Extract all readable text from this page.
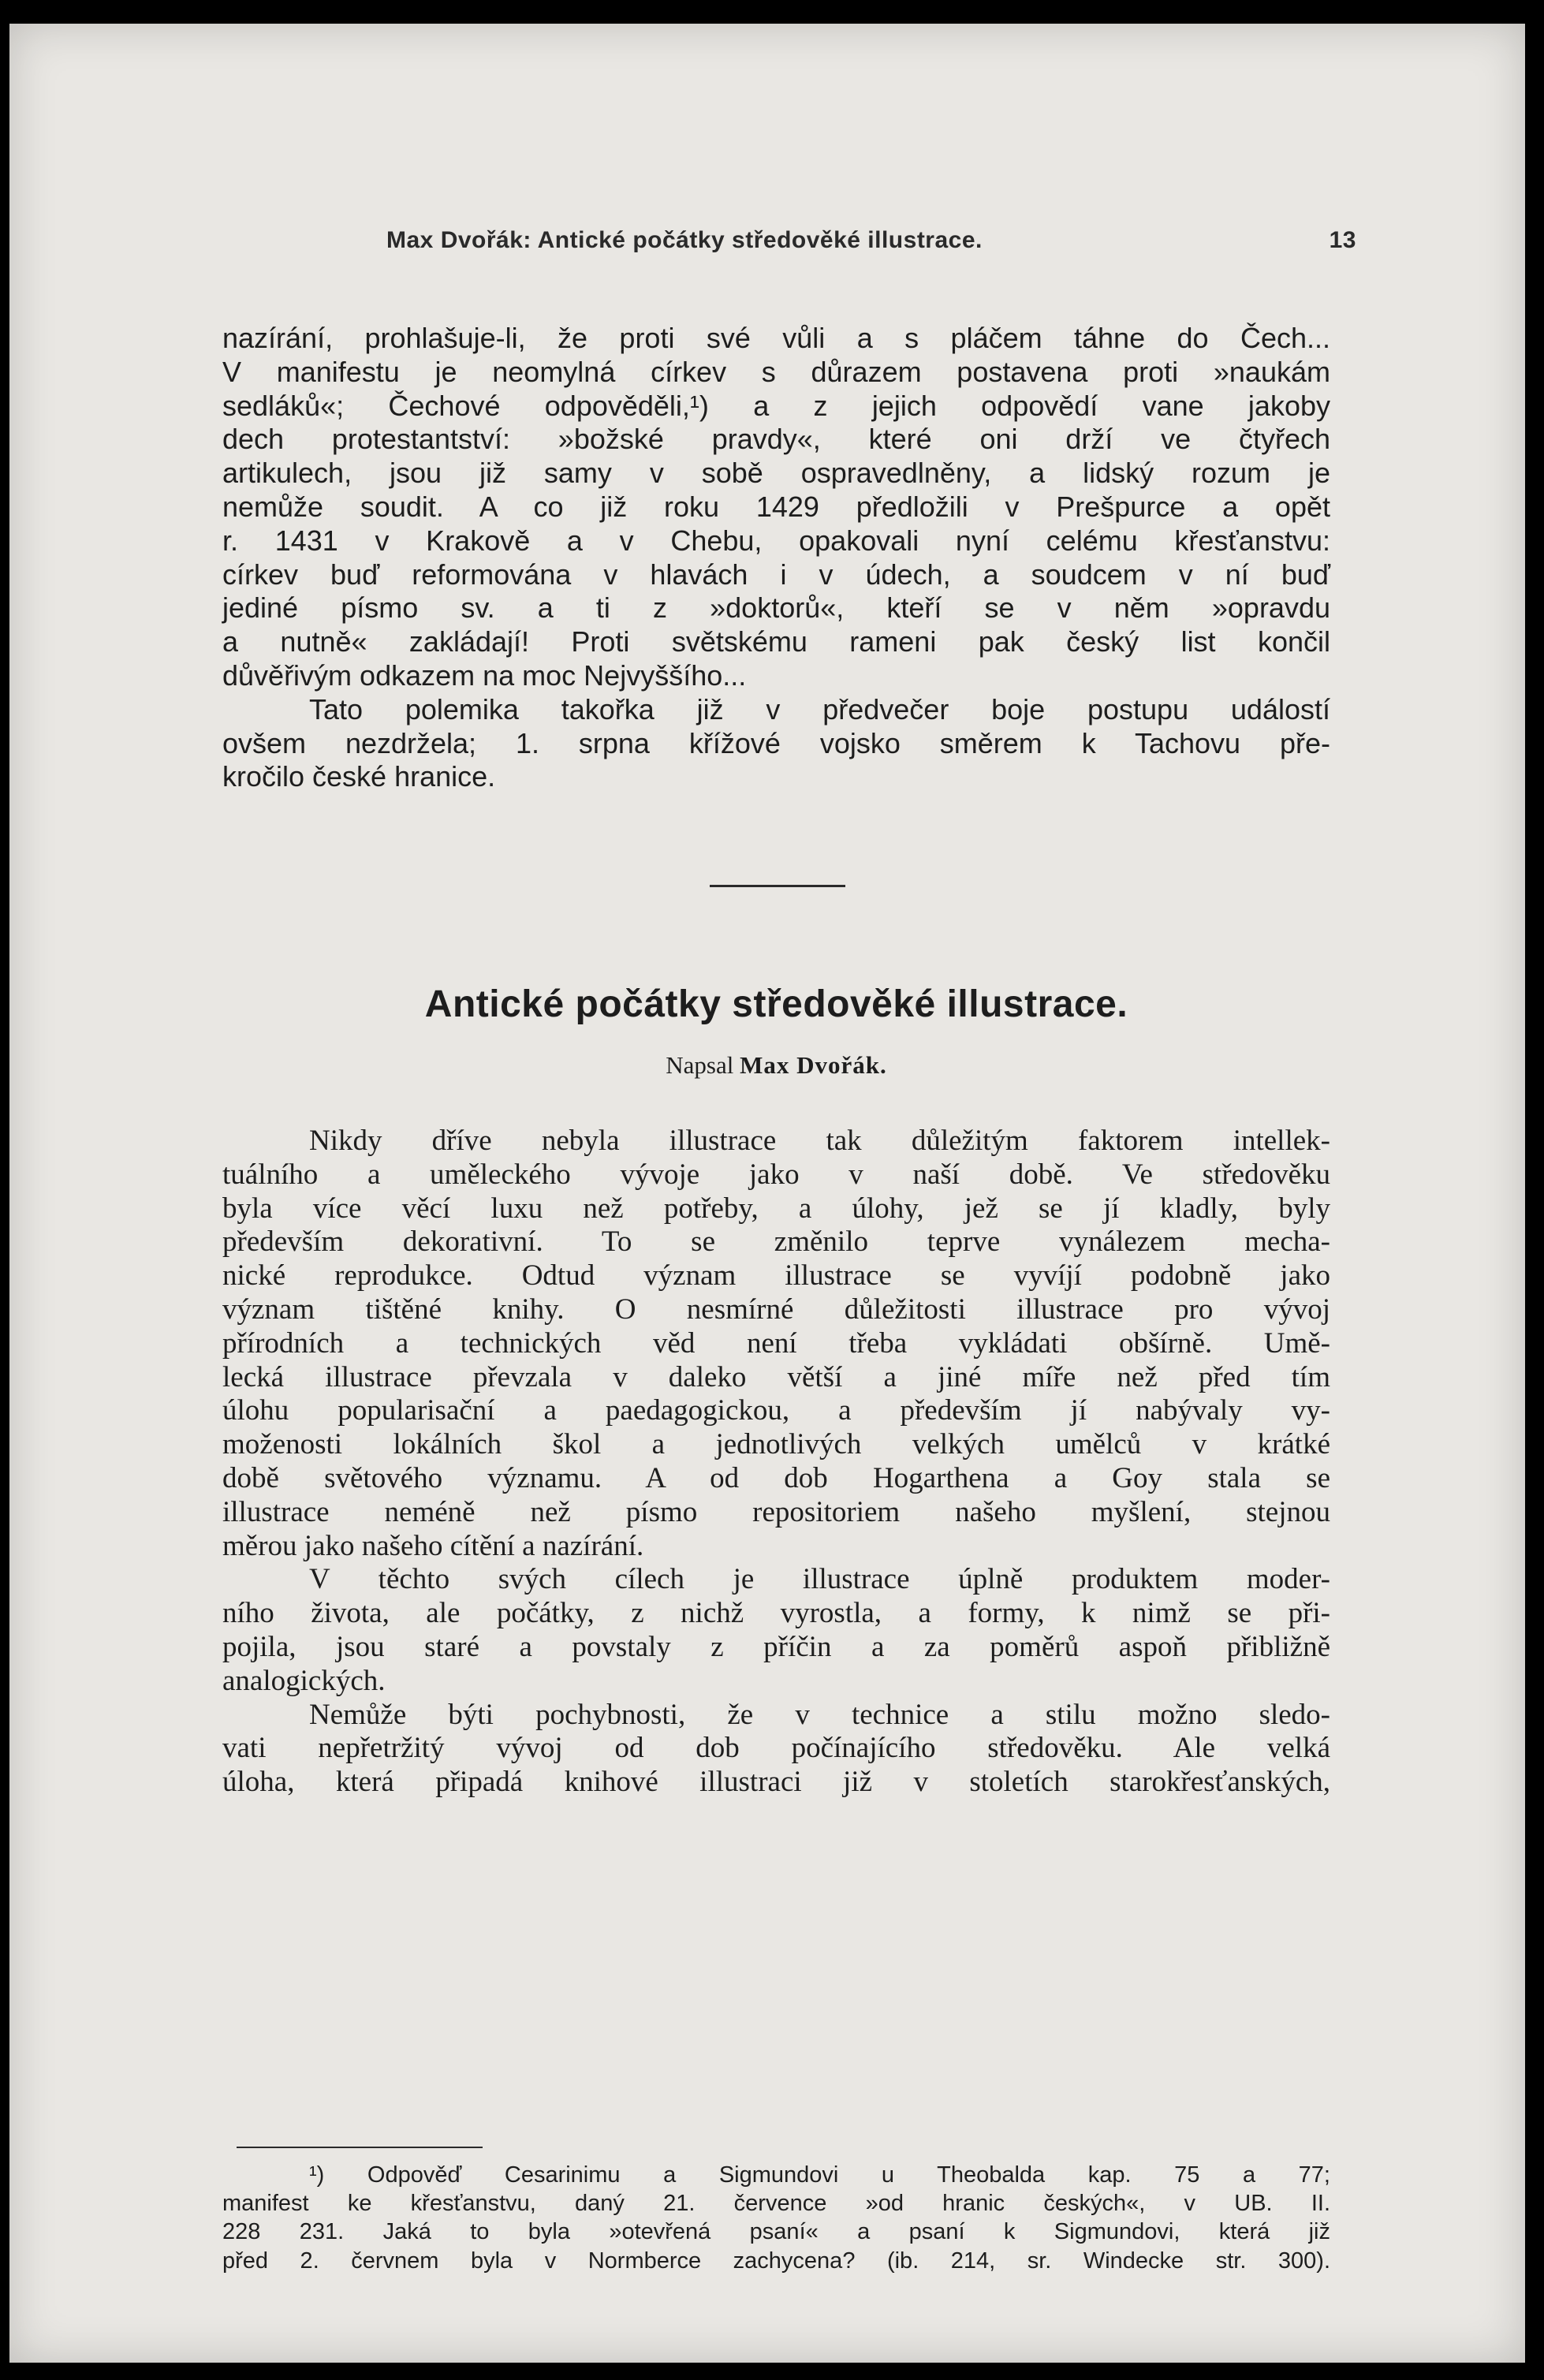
Max Dvořák: Antické počátky středověké illustrace.	13
nazírání, prohlašuje-li, že proti své vůli a s pláčem táhne do Čech...
V manifestu je neomylná církev s důrazem postavena proti »naukám
sedláků«; Čechové odpověděli,¹) a z jejich odpovědí vane jakoby
dech protestantství: »božské pravdy«, které oni drží ve čtyřech
artikulech, jsou již samy v sobě ospravedlněny, a lidský rozum je
nemůže soudit. A co již roku 1429 předložili v Prešpurce a opět
r. 1431 v Krakově a v Chebu, opakovali nyní celému křesťanstvu:
církev buď reformována v hlavách i v údech, a soudcem v ní buď
jediné písmo sv. a ti z »doktorů«, kteří se v něm »opravdu
a nutně« zakládají! Proti světskému rameni pak český list končil
důvěřivým odkazem na moc Nejvyššího...
Tato polemika takořka již v předvečer boje postupu událostí
ovšem nezdržela; 1. srpna křížové vojsko směrem k Tachovu pře-
kročilo české hranice.
Antické počátky středověké illustrace.
Napsal Max Dvořák.
Nikdy dříve nebyla illustrace tak důležitým faktorem intellek-
tuálního a uměleckého vývoje jako v naší době. Ve středověku
byla více věcí luxu než potřeby, a úlohy, jež se jí kladly, byly
především dekorativní. To se změnilo teprve vynálezem mecha-
nické reprodukce. Odtud význam illustrace se vyvíjí podobně jako
význam tištěné knihy. O nesmírné důležitosti illustrace pro vývoj
přírodních a technických věd není třeba vykládati obšírně. Umě-
lecká illustrace převzala v daleko větší a jiné míře než před tím
úlohu popularisační a paedagogickou, a především jí nabývaly vy-
moženosti lokálních škol a jednotlivých velkých umělců v krátké
době světového významu. A od dob Hogarthena a Goy stala se
illustrace neméně než písmo repositoriem našeho myšlení, stejnou
měrou jako našeho cítění a nazírání.
V těchto svých cílech je illustrace úplně produktem moder-
ního života, ale počátky, z nichž vyrostla, a formy, k nimž se při-
pojila, jsou staré a povstaly z příčin a za poměrů aspoň přibližně
analogických.
Nemůže býti pochybnosti, že v technice a stilu možno sledo-
vati nepřetržitý vývoj od dob počínajícího středověku. Ale velká
úloha, která připadá knihové illustraci již v stoletích starokřesťanských,
¹) Odpověď Cesarinimu a Sigmundovi u Theobalda kap. 75 a 77;
manifest ke křesťanstvu, daný 21. července »od hranic českých«, v UB. II.
228 231. Jaká to byla »otevřená psaní« a psaní k Sigmundovi, která již
před 2. červnem byla v Normberce zachycena? (ib. 214, sr. Windecke str. 300).
